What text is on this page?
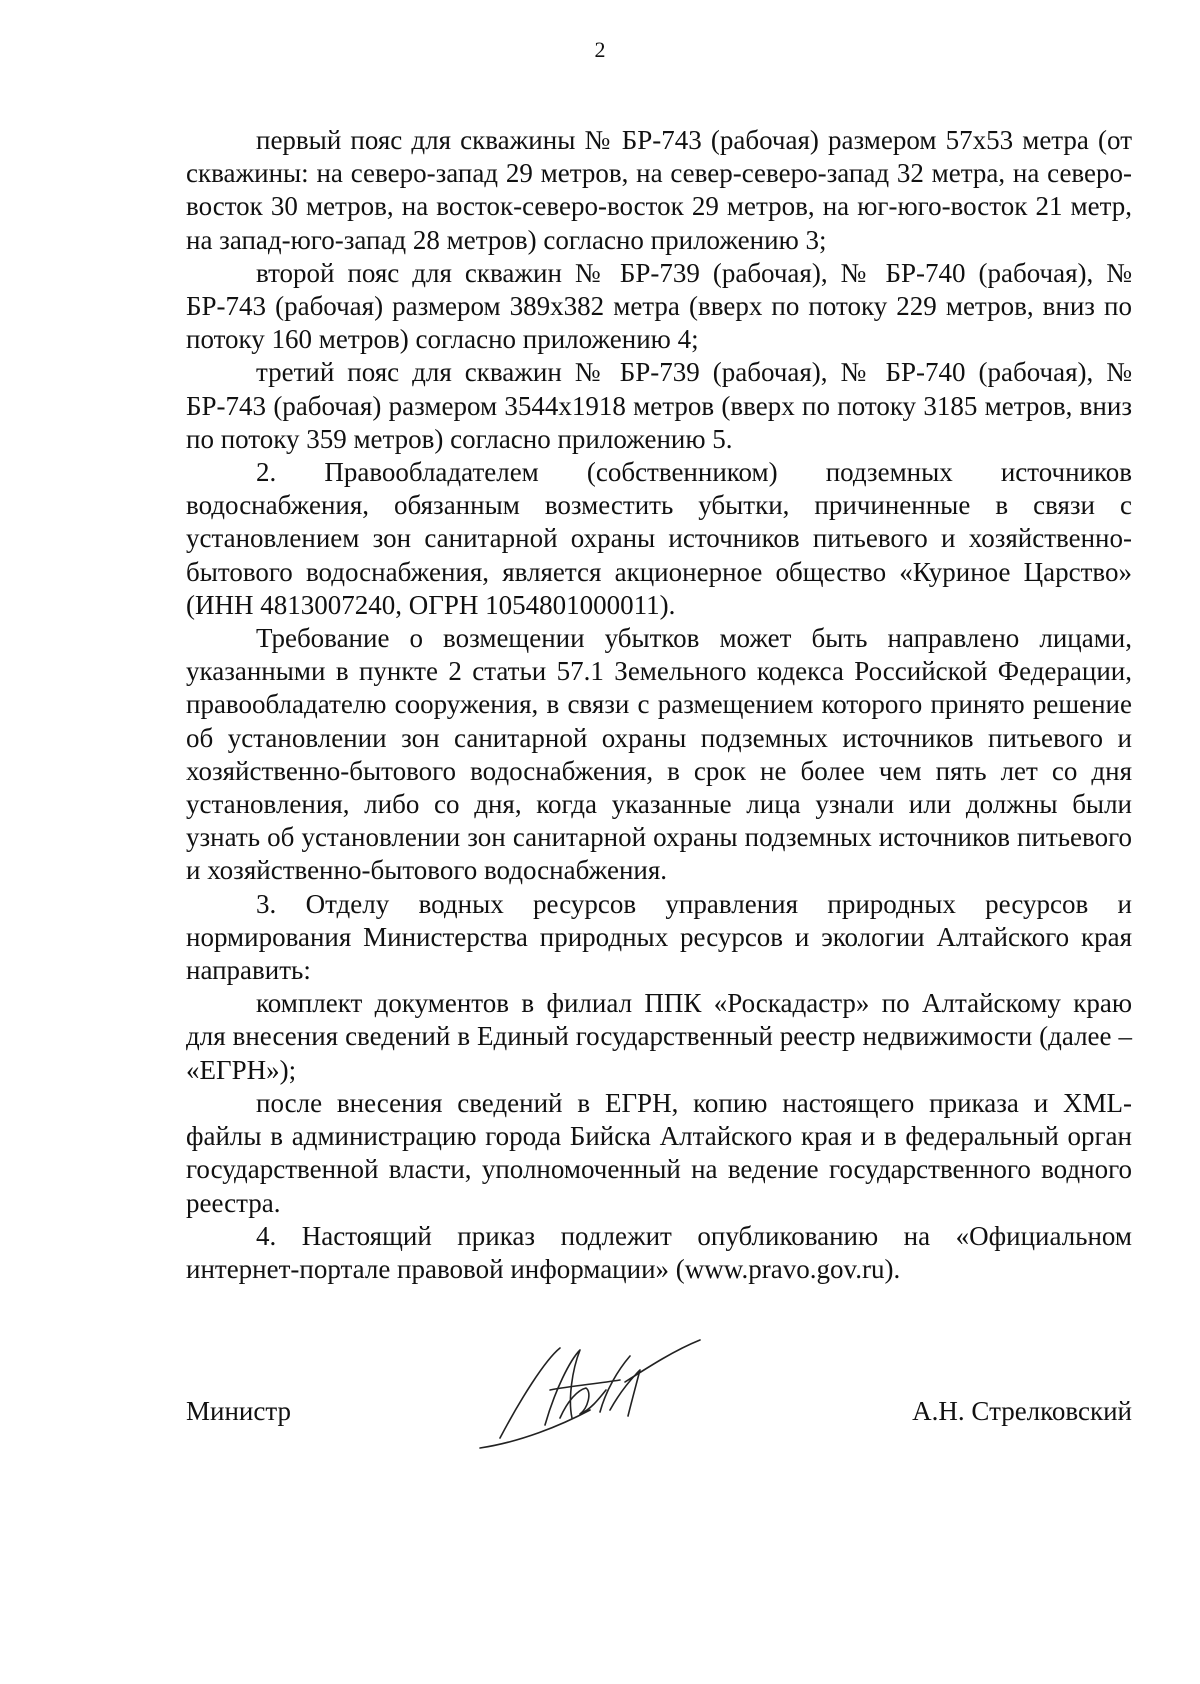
2

первый пояс для скважины № БР-743 (рабочая) размером 57x53 метра (от скважины: на северо-запад 29 метров, на север-северо-запад 32 метра, на северо-восток 30 метров, на восток-северо-восток 29 метров, на юг-юго-восток 21 метр, на запад-юго-запад 28 метров) согласно приложению 3;

второй пояс для скважин № БР-739 (рабочая), № БР-740 (рабочая), № БР-743 (рабочая) размером 389x382 метра (вверх по потоку 229 метров, вниз по потоку 160 метров) согласно приложению 4;

третий пояс для скважин № БР-739 (рабочая), № БР-740 (рабочая), № БР-743 (рабочая) размером 3544x1918 метров (вверх по потоку 3185 метров, вниз по потоку 359 метров) согласно приложению 5.

2. Правообладателем (собственником) подземных источников водоснабжения, обязанным возместить убытки, причиненные в связи с установлением зон санитарной охраны источников питьевого и хозяйственно-бытового водоснабжения, является акционерное общество «Куриное Царство» (ИНН 4813007240, ОГРН 1054801000011).

Требование о возмещении убытков может быть направлено лицами, указанными в пункте 2 статьи 57.1 Земельного кодекса Российской Федерации, правообладателю сооружения, в связи с размещением которого принято решение об установлении зон санитарной охраны подземных источников питьевого и хозяйственно-бытового водоснабжения, в срок не более чем пять лет со дня установления, либо со дня, когда указанные лица узнали или должны были узнать об установлении зон санитарной охраны подземных источников питьевого и хозяйственно-бытового водоснабжения.

3. Отделу водных ресурсов управления природных ресурсов и нормирования Министерства природных ресурсов и экологии Алтайского края направить:

комплект документов в филиал ППК «Роскадастр» по Алтайскому краю для внесения сведений в Единый государственный реестр недвижимости (далее – «ЕГРН»);

после внесения сведений в ЕГРН, копию настоящего приказа и XML-файлы в администрацию города Бийска Алтайского края и в федеральный орган государственной власти, уполномоченный на ведение государственного водного реестра.

4. Настоящий приказ подлежит опубликованию на «Официальном интернет-портале правовой информации» (www.pravo.gov.ru).

Министр	А.Н. Стрелковский
